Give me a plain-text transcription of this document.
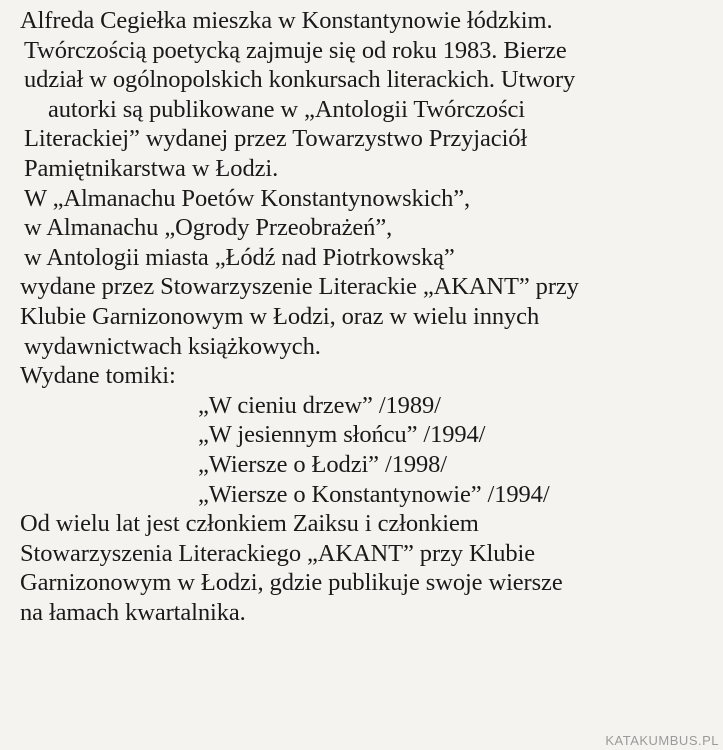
Alfreda Cegiełka mieszka w Konstantynowie łódzkim.
Twórczością poetycką zajmuje się od roku 1983. Bierze
udział w ogólnopolskich konkursach literackich. Utwory
autorki są publikowane w „Antologii Twórczości
Literackiej” wydanej przez Towarzystwo Przyjaciół
Pamiętnikarstwa w Łodzi.
W „Almanachu Poetów Konstantynowskich”,
w Almanachu „Ogrody Przeobrażeń”,
w Antologii miasta „Łódź nad Piotrkowską”
wydane przez Stowarzyszenie Literackie „AKANT” przy
Klubie Garnizonowym w Łodzi, oraz w wielu innych
wydawnictwach książkowych.
Wydane tomiki:
„W cieniu drzew” /1989/
„W jesiennym słońcu” /1994/
„Wiersze o Łodzi” /1998/
„Wiersze o Konstantynowie” /1994/
Od wielu lat jest członkiem Zaiksu i członkiem
Stowarzyszenia Literackiego „AKANT” przy Klubie
Garnizonowym w Łodzi, gdzie publikuje swoje wiersze
na łamach kwartalnika.
KATAKUMBUS.PL
